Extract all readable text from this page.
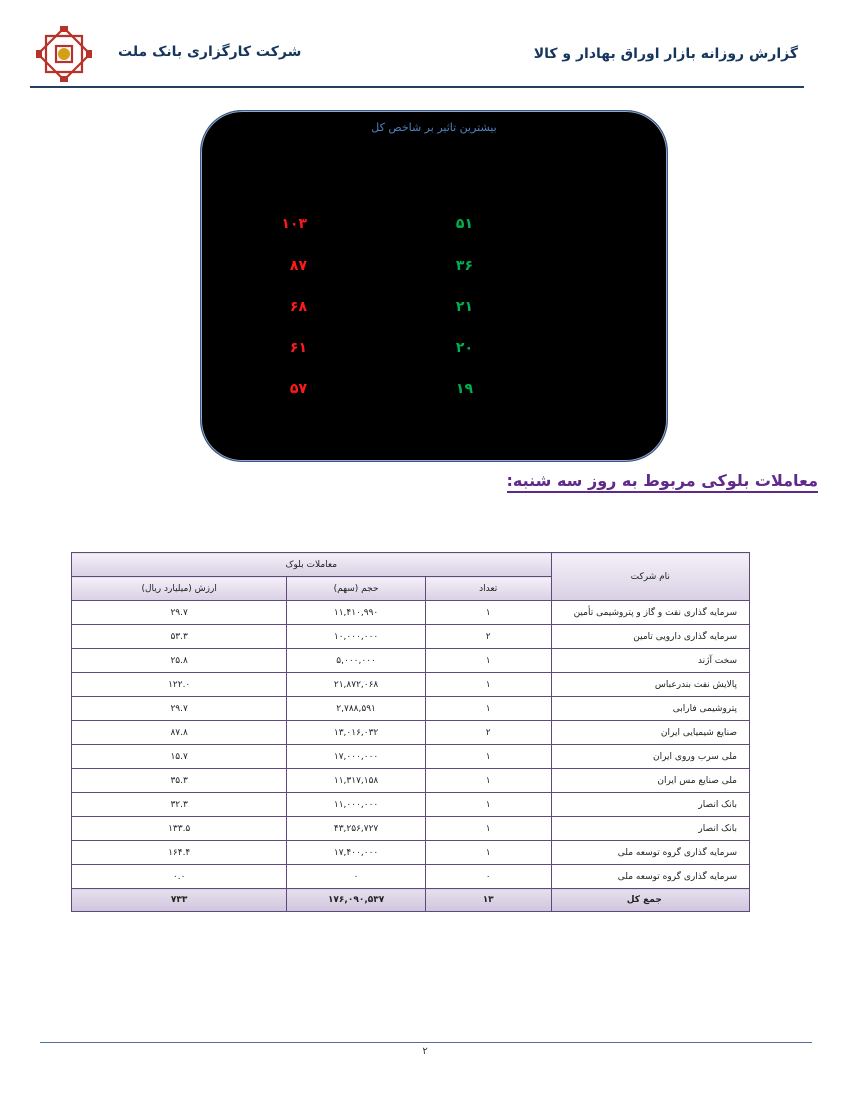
شرکت کارگزاری بانک ملت	گزارش روزانه بازار اوراق بهادار و کالا
بیشترین تاثیر بر شاخص کل
۱۰۳
۸۷
۶۸
۶۱
۵۷
۵۱
۳۶
۲۱
۲۰
۱۹
معاملات بلوکی مربوط به روز سه شنبه:
نام شرکت	معاملات بلوک		
	تعداد	حجم (سهم)	ارزش (میلیارد ریال)
سرمایه گذاری نفت و گاز و پتروشیمی تأمین	۱	۱۱,۴۱۰,۹۹۰	۲۹.۷
سرمایه گذاری دارویی تامین	۲	۱۰,۰۰۰,۰۰۰	۵۳.۳
سخت آژند	۱	۵,۰۰۰,۰۰۰	۲۵.۸
پالایش نفت بندرعباس	۱	۲۱,۸۷۲,۰۶۸	۱۲۲.۰
پتروشیمی فارابی	۱	۲,۷۸۸,۵۹۱	۲۹.۷
صنایع شیمیایی ایران	۲	۱۳,۰۱۶,۰۳۲	۸۷.۸
ملی سرب وروی ایران	۱	۱۷,۰۰۰,۰۰۰	۱۵.۷
ملی صنایع مس ایران	۱	۱۱,۳۱۷,۱۵۸	۳۵.۳
بانک انصار	۱	۱۱,۰۰۰,۰۰۰	۳۲.۳
بانک انصار	۱	۴۳,۲۵۶,۷۲۷	۱۳۳.۵
سرمایه گذاری گروه توسعه ملی	۱	۱۷,۴۰۰,۰۰۰	۱۶۴.۴
سرمایه گذاری گروه توسعه ملی	۰	۰	۰.۰
جمع کل	۱۳	۱۷۶,۰۹۰,۵۳۷	۷۳۳
۲
